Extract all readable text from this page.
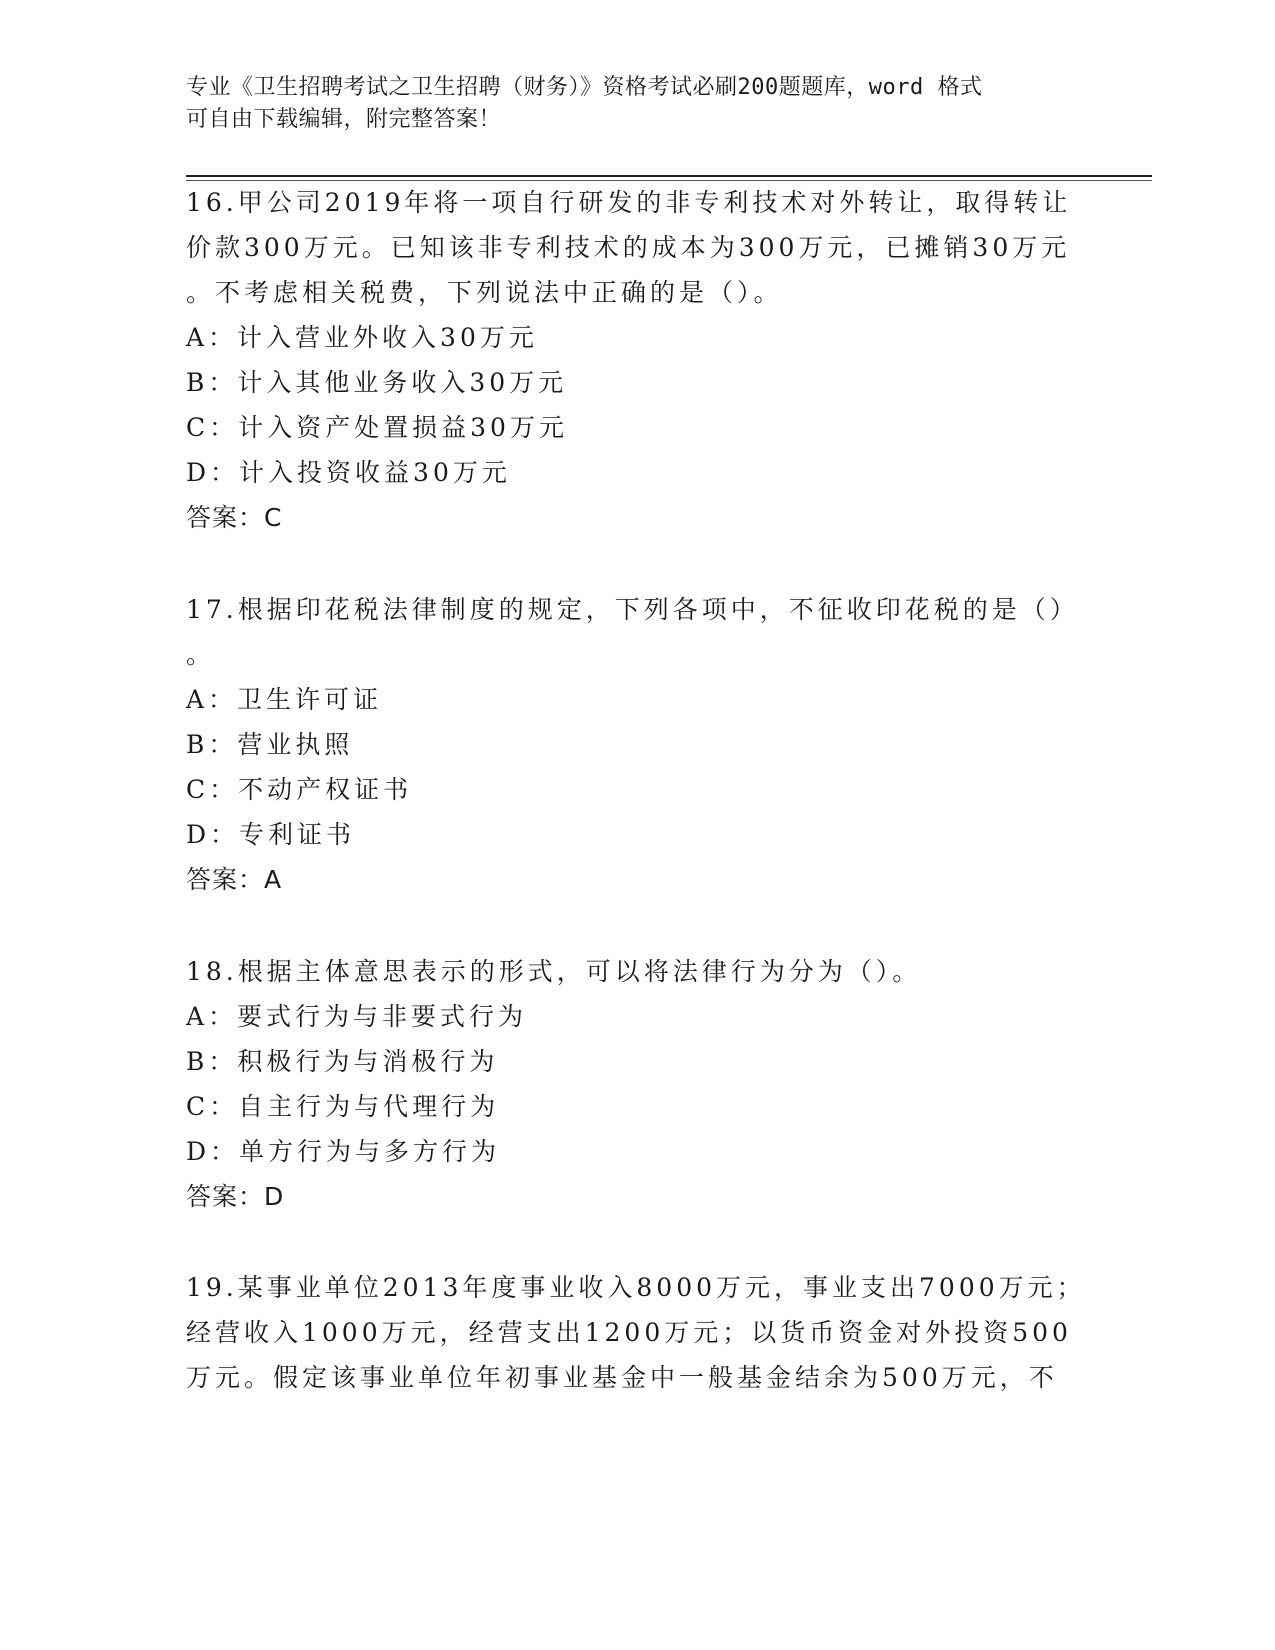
专业《卫生招聘考试之卫生招聘（财务）》资格考试必刷200题题库，word 格式
可自由下载编辑，附完整答案！
16.甲公司2019年将一项自行研发的非专利技术对外转让，取得转让
价款300万元。已知该非专利技术的成本为300万元，已摊销30万元
。不考虑相关税费，下列说法中正确的是（）。
A：计入营业外收入30万元
B：计入其他业务收入30万元
C：计入资产处置损益30万元
D：计入投资收益30万元
答案：C
17.根据印花税法律制度的规定，下列各项中，不征收印花税的是（）
。
A：卫生许可证
B：营业执照
C：不动产权证书
D：专利证书
答案：A
18.根据主体意思表示的形式，可以将法律行为分为（）。
A：要式行为与非要式行为
B：积极行为与消极行为
C：自主行为与代理行为
D：单方行为与多方行为
答案：D
19.某事业单位2013年度事业收入8000万元，事业支出7000万元；
经营收入1000万元，经营支出1200万元；以货币资金对外投资500
万元。假定该事业单位年初事业基金中一般基金结余为500万元，不
